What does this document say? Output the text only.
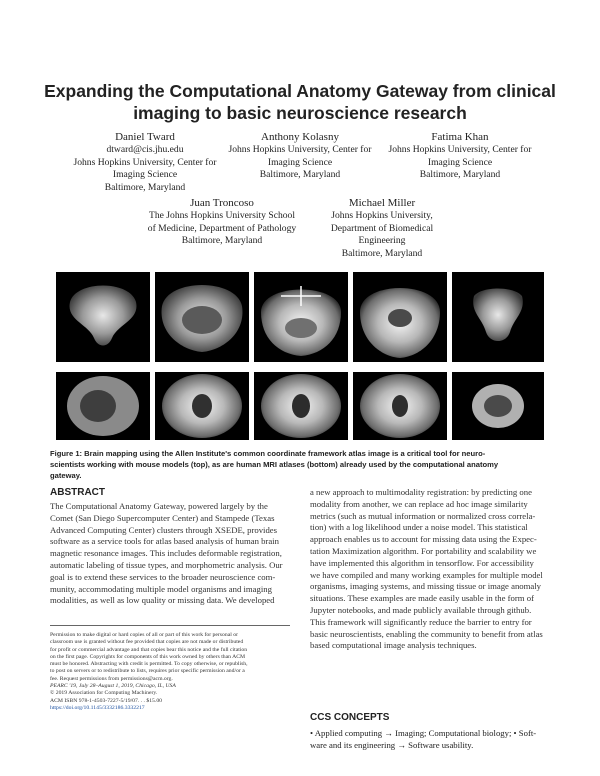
Expanding the Computational Anatomy Gateway from clinical
imaging to basic neuroscience research
Daniel Tward
dtward@cis.jhu.edu
Johns Hopkins University, Center for
Imaging Science
Baltimore, Maryland
Anthony Kolasny
Johns Hopkins University, Center for
Imaging Science
Baltimore, Maryland
Fatima Khan
Johns Hopkins University, Center for
Imaging Science
Baltimore, Maryland
Juan Troncoso
The Johns Hopkins University School
of Medicine, Department of Pathology
Baltimore, Maryland
Michael Miller
Johns Hopkins University,
Department of Biomedical
Engineering
Baltimore, Maryland
Figure 1: Brain mapping using the Allen Institute's common coordinate framework atlas image is a critical tool for neuro-
scientists working with mouse models (top), as are human MRI atlases (bottom) already used by the computational anatomy
gateway.
ABSTRACT
The Computational Anatomy Gateway, powered largely by the
Comet (San Diego Supercomputer Center) and Stampede (Texas
Advanced Computing Center) clusters through XSEDE, provides
software as a service tools for atlas based analysis of human brain
magnetic resonance images. This includes deformable registration,
automatic labeling of tissue types, and morphometric analysis. Our
goal is to extend these services to the broader neuroscience com-
munity, accommodating multiple model organisms and imaging
modalities, as well as low quality or missing data. We developed
Permission to make digital or hard copies of all or part of this work for personal or
classroom use is granted without fee provided that copies are not made or distributed
for profit or commercial advantage and that copies bear this notice and the full citation
on the first page. Copyrights for components of this work owned by others than ACM
must be honored. Abstracting with credit is permitted. To copy otherwise, or republish,
to post on servers or to redistribute to lists, requires prior specific permission and/or a
fee. Request permissions from permissions@acm.org.
PEARC '19, July 28–August 1, 2019, Chicago, IL, USA
© 2019 Association for Computing Machinery.
ACM ISBN 978-1-4503-7227-5/19/07. . . $15.00
https://doi.org/10.1145/3332186.3332217
a new approach to multimodality registration: by predicting one
modality from another, we can replace ad hoc image similarity
metrics (such as mutual information or normalized cross correla-
tion) with a log likelihood under a noise model. This statistical
approach enables us to account for missing data using the Expec-
tation Maximization algorithm. For portability and scalability we
have implemented this algorithm in tensorflow. For accessibility
we have compiled and many working examples for multiple model
organisms, imaging systems, and missing tissue or image anomaly
situations. These examples are made easily usable in the form of
Jupyter notebooks, and made publicly available through github.
This framework will significantly reduce the barrier to entry for
basic neuroscientists, enabling the community to benefit from atlas
based computational image analysis techniques.
CCS CONCEPTS
• Applied computing → Imaging; Computational biology; • Soft-
ware and its engineering → Software usability.
